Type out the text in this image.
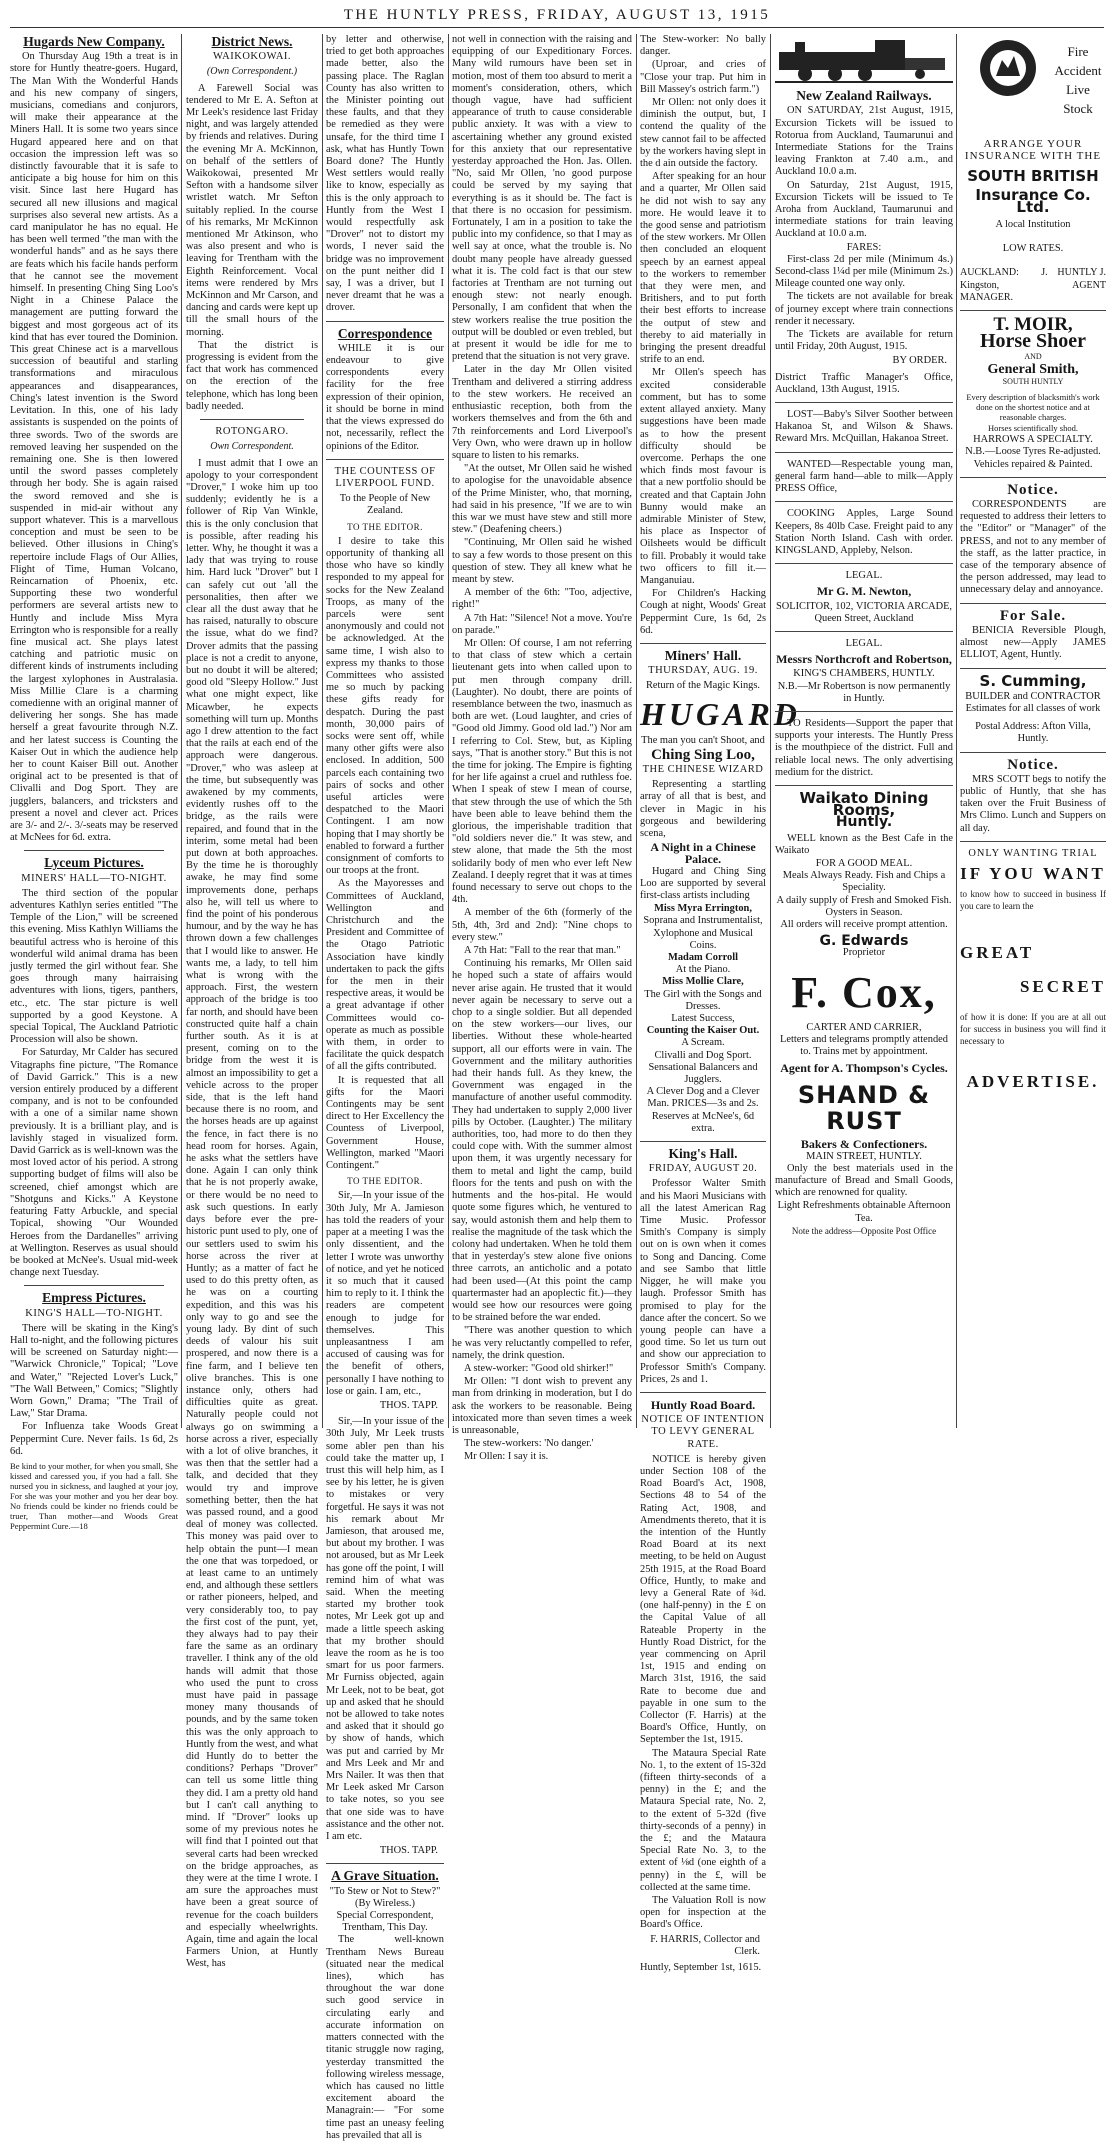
THE HUNTLY PRESS, FRIDAY, AUGUST 13, 1915
Hugards New Company.

On Thursday Aug 19th a treat is in store for Huntly theatre-goers. Hugard, The Man With the Wonderful Hands and his new company of singers, musicians, comedians and conjurors, will make their appearance at the Miners Hall. It is some two years since Hugard appeared here and on that occasion the impression left was so distinctly favourable that it is safe to anticipate a big house for him on this visit. Since last here Hugard has secured all new illusions and magical surprises also several new artists. As a card manipulator he has no equal. He has been well termed "the man with the wonderful hands" and as he says there are feats which his facile hands perform that he cannot see the movement himself. In presenting Ching Sing Loo's Night in a Chinese Palace the management are putting forward the biggest and most gorgeous act of its kind that has ever toured the Dominion. This great Chinese act is a marvellous succession of beautiful and starling transformations and miraculous appearances and disappearances, Ching's latest invention is the Sword Levitation. In this, one of his lady assistants is suspended on the points of three swords. Two of the swords are removed leaving her suspended on the remaining one. She is then lowered until the sword passes completely through her body. She is again raised the sword removed and she is suspended in mid-air without any support whatever. This is a marvellous conception and must be seen to be believed. Other illusions in Ching's repertoire include Flags of Our Allies, Flight of Time, Human Volcano, Reincarnation of Phoenix, etc. Supporting these two wonderful performers are several artists new to Huntly and include Miss Myra Errington who is responsible for a really fine musical act. She plays latest catching and patriotic music on different kinds of instruments including the largest xylophones in Australasia. Miss Millie Clare is a charming comedienne with an original manner of delivering her songs. She has made herself a great favourite through N.Z. and her latest success is Counting the Kaiser Out in which the audience help her to count Kaiser Bill out. Another original act to be presented is that of Clivalli and Dog Sport. They are jugglers, balancers, and tricksters and present a novel and clever act. Prices are 3/- and 2/-. 3/-seats may be reserved at McNees for 6d. extra.

Lyceum Pictures.
MINERS' HALL—TO-NIGHT.

The third section of the popular adventures Kathlyn series entitled "The Temple of the Lion," will be screened this evening. Miss Kathlyn Williams the beautiful actress who is heroine of this wonderful wild animal drama has been justly termed the girl without fear. She goes through many hairraising adventures with lions, tigers, panthers, etc., etc. The star picture is well supported by a good Keystone. A special Topical, The Auckland Patriotic Procession will also be shown.

For Saturday, Mr Calder has secured Vitagraphs fine picture, "The Romance of David Garrick." This is a new version entirely produced by a different company, and is not to be confounded with a one of a similar name shown previously. It is a brilliant play, and is lavishly staged in visualized form. David Garrick as is well-known was the most loved actor of his period. A strong supporting budget of films will also be screened, chief amongst which are "Shotguns and Kicks." A Keystone featuring Fatty Arbuckle, and special Topical, showing "Our Wounded Heroes from the Dardanelles" arriving at Wellington. Reserves as usual should be booked at McNee's. Usual mid-week change next Tuesday.

Empress Pictures.
KING'S HALL—TO-NIGHT.

There will be skating in the King's Hall to-night, and the following pictures will be screened on Saturday night:— "Warwick Chronicle," Topical; "Love and Water," "Rejected Lover's Luck," "The Wall Between," Comics; "Slightly Worn Gown," Drama; "The Trail of Law," Star Drama.

For Influenza take Woods Great Peppermint Cure. Never fails. 1s 6d, 2s 6d.

Be kind to your mother, for when you small, She kissed and caressed you, if you had a fall. She nursed you in sickness, and laughed at your joy, For she was your mother and you her dear boy. No friends could be kinder no friends could be truer, Than mother—and Woods Great Peppermint Cure.—18
District News.
WAIKOKOWAI.
(Own Correspondent.)

A Farewell Social was tendered to Mr E. A. Sefton at Mr Leek's residence last Friday night, and was largely attended by friends and relatives. During the evening Mr A. McKinnon, on behalf of the settlers of Waikokowai, presented Mr Sefton with a handsome silver wristlet watch. Mr Sefton suitably replied. In the course of his remarks, Mr McKinnon mentioned Mr Atkinson, who was also present and who is leaving for Trentham with the Eighth Reinforcement. Vocal items were rendered by Mrs McKinnon and Mr Carson, and dancing and cards were kept up till the small hours of the morning.

That the district is progressing is evident from the fact that work has commenced on the erection of the telephone, which has long been badly needed.

ROTONGARO.
Own Correspondent.

I must admit that I owe an apology to your correspondent "Drover," I woke him up too suddenly; evidently he is a follower of Rip Van Winkle, this is the only conclusion that is possible, after reading his letter. Why, he thought it was a lady that was trying to rouse him. Hard luck "Drover" but I can safely cut out 'all the personalities, then after we clear all the dust away that he has raised, naturally to obscure the issue, what do we find? Drover admits that the passing place is not a credit to anyone, but no doubt it will be altered; good old "Sleepy Hollow." Just what one might expect, like Micawber, he expects something will turn up. Months ago I drew attention to the fact that the rails at each end of the approach were dangerous. "Drover," who was asleep at the time, but subsequently was awakened by my comments, evidently rushes off to the bridge, as the rails were repaired, and found that in the interim, some metal had been put down at both approaches. By the time he is thoroughly awake, he may find some improvements done, perhaps also he, will tell us where to find the point of his ponderous humour, and by the way he has thrown down a few challenges that I would like to answer. He wants me, a lady, to tell him what is wrong with the approach. First, the western approach of the bridge is too far north, and should have been constructed quite half a chain further south. As it is at present, coming on to the bridge from the west it is almost an impossibility to get a vehicle across to the proper side, that is the left hand because there is no room, and the horses heads are up against the fence, in fact there is no head room for horses. Again, he asks what the settlers have done. Again I can only think that he is not properly awake, or there would be no need to ask such questions. In early days before ever the pre-historic punt used to ply, one of our settlers used to swim his horse across the river at Huntly; as a matter of fact he used to do this pretty often, as he was on a courting expedition, and this was his only way to go and see the young lady. By dint of such deeds of valour his suit prospered, and now there is a fine farm, and I believe ten olive branches. This is one instance only, others had difficulties quite as great. Naturally people could not always go on swimming a horse across a river, especially with a lot of olive branches, it was then that the settler had a talk, and decided that they would try and improve something better, then the hat was passed round, and a good deal of money was collected. This money was paid over to help obtain the punt—I mean the one that was torpedoed, or at least came to an untimely end, and although these settlers or rather pioneers, helped, and very considerably too, to pay the first cost of the punt, yet, they always had to pay their fare the same as an ordinary traveller. I think any of the old hands will admit that those who used the punt to cross must have paid in passage money many thousands of pounds, and by the same token this was the only approach to Huntly from the west, and what did Huntly do to better the conditions? Perhaps "Drover" can tell us some little thing they did. I am a pretty old hand but I can't call anything to mind. If "Drover" looks up some of my previous notes he will find that I pointed out that several carts had been wrecked on the bridge approaches, as they were at the time I wrote. I am sure the approaches must have been a great source of revenue for the coach builders and especially wheelwrights. Again, time and again the local Farmers Union, at Huntly West, has

by letter and otherwise, tried to get both approaches made better, also the passing place. The Raglan County has also written to the Minister pointing out these faults, and that they be remedied as they were unsafe, for the third time I ask, what has Huntly Town Board done? The Huntly West settlers would really like to know, especially as this is the only approach to Huntly from the West I would respectfully ask "Drover" not to distort my words, I never said the bridge was no improvement on the punt neither did I say, I was a driver, but I never dreamt that he was a drover.

Correspondence

WHILE it is our endeavour to give correspondents every facility for the free expression of their opinion, it should be borne in mind that the views expressed do not, necessarily, reflect the opinions of the Editor.

THE COUNTESS OF LIVERPOOL FUND.
To the People of New Zealand.
TO THE EDITOR.

I desire to take this opportunity of thanking all those who have so kindly responded to my appeal for socks for the New Zealand Troops, as many of the parcels were sent anonymously and could not be acknowledged. At the same time, I wish also to express my thanks to those Committees who assisted me so much by packing these gifts ready for despatch. During the past month, 30,000 pairs of socks were sent off, while many other gifts were also enclosed. In addition, 500 parcels each containing two pairs of socks and other useful articles were despatched to the Maori Contingent. I am now hoping that I may shortly be enabled to forward a further consignment of comforts to our troops at the front.

As the Mayoresses and Committees of Auckland, Wellington and Christchurch and the President and Committee of the Otago Patriotic Association have kindly undertaken to pack the gifts for the men in their respective areas, it would be a great advantage if other Committees would co-operate as much as possible with them, in order to facilitate the quick despatch of all the gifts contributed.

It is requested that all gifts for the Maori Contingents may be sent direct to Her Excellency the Countess of Liverpool, Government House, Wellington, marked "Maori Contingent."

TO THE EDITOR.

Sir,—In your issue of the 30th July, Mr A. Jamieson has told the readers of your paper at a meeting I was the only dissentient, and the letter I wrote was unworthy of notice, and yet he noticed it so much that it caused him to reply to it. I think the readers are competent enough to judge for themselves. This unpleasantness I am accused of causing was for the benefit of others, personally I have nothing to lose or gain. I am, etc.,

THOS. TAPP.

Sir,—In your issue of the 30th July, Mr Leek trusts some abler pen than his could take the matter up, I trust this will help him, as I see by his letter, he is given to mistakes or very forgetful. He says it was not his remark about Mr Jamieson, that aroused me, but about my brother. I was not aroused, but as Mr Leek has gone off the point, I will remind him of what was said. When the meeting started my brother took notes, Mr Leek got up and made a little speech asking that my brother should leave the room as he is too smart for us poor farmers. Mr Furniss objected, again Mr Leek, not to be beat, got up and asked that he should not be allowed to take notes and asked that it should go by show of hands, which was put and carried by Mr and Mrs Leek and Mr and Mrs Nailer. It was then that Mr Leek asked Mr Carson to take notes, so you see that one side was to have assistance and the other not. I am etc.

THOS. TAPP.
A Grave Situation.
"To Stew or Not to Stew?"
(By Wireless.)
Special Correspondent,
Trentham, This Day.

The well-known Trentham News Bureau (situated near the medical lines), which has throughout the war done such good service in circulating early and accurate information on matters connected with the titanic struggle now raging, yesterday transmitted the following wireless message, which has caused no little excitement aboard the Managrain:— "For some time past an uneasy feeling has prevailed that all is

not well in connection with the raising and equipping of our Expeditionary Forces. Many wild rumours have been set in motion, most of them too absurd to merit a moment's consideration, others, which though vague, have had sufficient appearance of truth to cause considerable public anxiety. It was with a view to ascertaining whether any ground existed for this anxiety that our representative yesterday approached the Hon. Jas. Ollen. "No, said Mr Ollen, 'no good purpose could be served by my saying that everything is as it should be. The fact is that there is no occasion for pessimism. Fortunately, I am in a position to take the public into my confidence, so that I may as well say at once, what the trouble is. No doubt many people have already guessed what it is. The cold fact is that our stew factories at Trentham are not turning out enough stew: not nearly enough. Personally, I am confident that when the stew workers realise the true position the output will be doubled or even trebled, but at present it would be idle for me to pretend that the situation is not very grave.

Later in the day Mr Ollen visited Trentham and delivered a stirring address to the stew workers. He received an enthusiastic reception, both from the workers themselves and from the 6th and 7th reinforcements and Lord Liverpool's Very Own, who were drawn up in hollow square to listen to his remarks.

"At the outset, Mr Ollen said he wished to apologise for the unavoidable absence of the Prime Minister, who, that morning, had said in his presence, "If we are to win this war we must have stew and still more stew." (Deafening cheers.)

"Continuing, Mr Ollen said he wished to say a few words to those present on this question of stew. They all knew what he meant by stew.

A member of the 6th: "Too, adjective, right!"

A 7th Hat: "Silence! Not a move. You're on parade."

Mr Ollen: Of course, I am not referring to that class of stew which a certain lieutenant gets into when called upon to put men through company drill. (Laughter). No doubt, there are points of resemblance between the two, inasmuch as both are wet. (Loud laughter, and cries of "Good old Jimmy. Good old lad.") Nor am I referring to Col. Stew, but, as Kipling says, "That is another story." But this is not the time for joking. The Empire is fighting for her life against a cruel and ruthless foe. When I speak of stew I mean of course, that stew through the use of which the 5th have been able to leave behind them the glorious, the imperishable tradition that "old soldiers never die." It was stew, and stew alone, that made the 5th the most solidarily body of men who ever left New Zealand. I deeply regret that it was at times found necessary to serve out chops to the 4th.

A member of the 6th (formerly of the 5th, 4th, 3rd and 2nd): "Nine chops to every stew."

A 7th Hat: "Fall to the rear that man."

Continuing his remarks, Mr Ollen said he hoped such a state of affairs would never arise again. He trusted that it would never again be necessary to serve out a chop to a single soldier. But all depended on the stew workers—our lives, our liberties. Without these whole-hearted support, all our efforts were in vain. The Government and the military authorities had their hands full. As they knew, the Government was engaged in the manufacture of another useful commodity. They had undertaken to supply 2,000 liver pills by October. (Laughter.) The military authorities, too, had more to do then they could cope with. With the summer almost upon them, it was urgently necessary for them to metal and light the camp, build floors for the tents and push on with the hutments and the hos-pital. He would quote some figures which, he ventured to say, would astonish them and help them to realise the magnitude of the task which the colony had undertaken. When he told them that in yesterday's stew alone five onions three carrots, an anticholic and a potato had been used—(At this point the camp quartermaster had an apoplectic fit.)—they would see how our resources were going to be strained before the war ended.

"There was another question to which he was very reluctantly compelled to refer, namely, the drink question.

A stew-worker: "Good old shirker!"

Mr Ollen: "I dont wish to prevent any man from drinking in moderation, but I do ask the workers to be reasonable. Being intoxicated more than seven times a week is unreasonable,

The stew-workers: 'No danger.'

Mr Ollen: I say it is.

The Stew-worker: No bally danger.

(Uproar, and cries of "Close your trap. Put him in Bill Massey's ostrich farm.")

Mr Ollen: not only does it diminish the output, but, I contend the quality of the stew cannot fail to be affected by the workers having slept in the d ain outside the factory.

After speaking for an hour and a quarter, Mr Ollen said he did not wish to say any more. He would leave it to the good sense and patriotism of the stew workers. Mr Ollen then concluded an eloquent speech by an earnest appeal to the workers to remember that they were men, and Britishers, and to put forth their best efforts to increase the output of stew and thereby to aid materially in bringing the present dreadful strife to an end.

Mr Ollen's speech has excited considerable comment, but has to some extent allayed anxiety. Many suggestions have been made as to how the present difficulty should be overcome. Perhaps the one which finds most favour is that a new portfolio should be created and that Captain John Bunny would make an admirable Minister of Stew, his place as Inspector of Oilsheets would be difficult to fill. Probably it would take two officers to fill it.—Manganuiau.

For Children's Hacking Cough at night, Woods' Great Peppermint Cure, 1s 6d, 2s 6d.

Miners' Hall.
THURSDAY, AUG. 19.
Return of the Magic Kings.
HUGARD
The man you can't Shoot, and
Ching Sing Loo,
THE CHINESE WIZARD

Representing a startling array of all that is best, and clever in Magic in his gorgeous and bewildering scena,

A Night in a Chinese Palace.

Hugard and Ching Sing Loo are supported by several first-class artists including

Miss Myra Errington,
Soprana and Instrumentalist, Xylophone and Musical Coins.
Madam Corroll
At the Piano.
Miss Mollie Clare,
The Girl with the Songs and Dresses.
Latest Success,
Counting the Kaiser Out.
A Scream.
Clivalli and Dog Sport. Sensational Balancers and Jugglers.
A Clever Dog and a Clever Man. PRICES—3s and 2s. Reserves at McNee's, 6d extra.
King's Hall.
FRIDAY, AUGUST 20.

Professor Walter Smith and his Maori Musicians with all the latest American Rag Time Music. Professor Smith's Company is simply out on is own when it comes to Song and Dancing. Come and see Sambo that little Nigger, he will make you laugh. Professor Smith has promised to play for the dance after the concert. So we young people can have a good time. So let us turn out and show our appreciation to Professor Smith's Company. Prices, 2s and 1.

Huntly Road Board.
NOTICE OF INTENTION TO LEVY GENERAL RATE.

NOTICE is hereby given under Section 108 of the Road Board's Act, 1908, Sections 48 to 54 of the Rating Act, 1908, and Amendments thereto, that it is the intention of the Huntly Road Board at its next meeting, to be held on August 25th 1915, at the Road Board Office, Huntly, to make and levy a General Rate of ¾d. (one half-penny) in the £ on the Capital Value of all Rateable Property in the Huntly Road District, for the year commencing on April 1st, 1915 and ending on March 31st, 1916, the said Rate to become due and payable in one sum to the Collector (F. Harris) at the Board's Office, Huntly, on September the 1st, 1915.

The Mataura Special Rate No. 1, to the extent of 15-32d (fifteen thirty-seconds of a penny) in the £; and the Mataura Special rate, No. 2, to the extent of 5-32d (five thirty-seconds of a penny) in the £; and the Mataura Special Rate No. 3, to the extent of ⅛d (one eighth of a penny) in the £, will be collected at the same time.

The Valuation Roll is now open for inspection at the Board's Office.

F. HARRIS, Collector and Clerk.
Huntly, September 1st, 1615.
New Zealand Railways.

ON SATURDAY, 21st August, 1915, Excursion Tickets will be issued to Rotorua from Auckland, Taumarunui and Intermediate Stations for the Trains leaving Frankton at 7.40 a.m., and Auckland 10.0 a.m.

On Saturday, 21st August, 1915, Excursion Tickets will be issued to Te Aroha from Auckland, Taumarunui and intermediate stations for train leaving Auckland at 10.0 a.m.

FARES:

First-class 2d per mile (Minimum 4s.) Second-class 1¼d per mile (Minimum 2s.) Mileage counted one way only.

The tickets are not available for break of journey except where train connections render it necessary.

The Tickets are available for return until Friday, 20th August, 1915.

BY ORDER.
District Traffic Manager's Office, Auckland, 13th August, 1915.

LOST—Baby's Silver Soother between Hakanoa St, and Wilson & Shaws. Reward Mrs. McQuillan, Hakanoa Street.

WANTED—Respectable young man, general farm hand—able to milk—Apply PRESS Office,

COOKING Apples, Large Sound Keepers, 8s 40lb Case. Freight paid to any Station North Island. Cash with order. KINGSLAND, Appleby, Nelson.

LEGAL.
Mr G. M. Newton,
SOLICITOR, 102, VICTORIA ARCADE, Queen Street, Auckland
LEGAL.
Messrs Northcroft and Robertson,
KING'S CHAMBERS, HUNTLY.
N.B.—Mr Robertson is now permanently in Huntly.

TO Residents—Support the paper that supports your interests. The Huntly Press is the mouthpiece of the district. Full and reliable local news. The only advertising medium for the district.

Waikato Dining Rooms,
Huntly.

WELL known as the Best Cafe in the Waikato

FOR A GOOD MEAL.
Meals Always Ready. Fish and Chips a Speciality.
A daily supply of Fresh and Smoked Fish. Oysters in Season.
All orders will receive prompt attention.
G. Edwards
Proprietor
F. Cox,
CARTER AND CARRIER,
Letters and telegrams promptly attended to. Trains met by appointment.
Agent for A. Thompson's Cycles.
SHAND & RUST
Bakers & Confectioners.
MAIN STREET, HUNTLY.

Only the best materials used in the manufacture of Bread and Small Goods, which are renowned for quality.

Light Refreshments obtainable Afternoon Tea.
Note the address—Opposite Post Office
Fire
Accident
Live
Stock
ARRANGE YOUR INSURANCE WITH THE
SOUTH BRITISH
Insurance Co. Ltd.
A local Institution
LOW RATES.
AUCKLAND: J. Kingston, MANAGER.
HUNTLY J. AGENT
T. MOIR,
Horse Shoer
AND
General Smith,
SOUTH HUNTLY
Every description of blacksmith's work done on the shortest notice and at reasonable charges.
Horses scientifically shod.
HARROWS A SPECIALTY.
N.B.—Loose Tyres Re-adjusted. Vehicles repaired & Painted.
Notice.

CORRESPONDENTS are requested to address their letters to the "Editor" or "Manager" of the PRESS, and not to any member of the staff, as the latter practice, in case of the temporary absence of the person addressed, may lead to unnecessary delay and annoyance.

For Sale.

BENICIA Reversible Plough, almost new—Apply JAMES ELLIOT, Agent, Huntly.

S. Cumming,
BUILDER and CONTRACTOR
Estimates for all classes of work
Postal Address: Afton Villa, Huntly.
Notice.

MRS SCOTT begs to notify the public of Huntly, that she has taken over the Fruit Business of Mrs Climo. Lunch and Suppers on all day.

ONLY WANTING TRIAL
IF YOU WANT
to know how to succeed in business If you care to learn the
GREAT
SECRET
of how it is done: If you are at all out for success in business you will find it necessary to
ADVERTISE.
